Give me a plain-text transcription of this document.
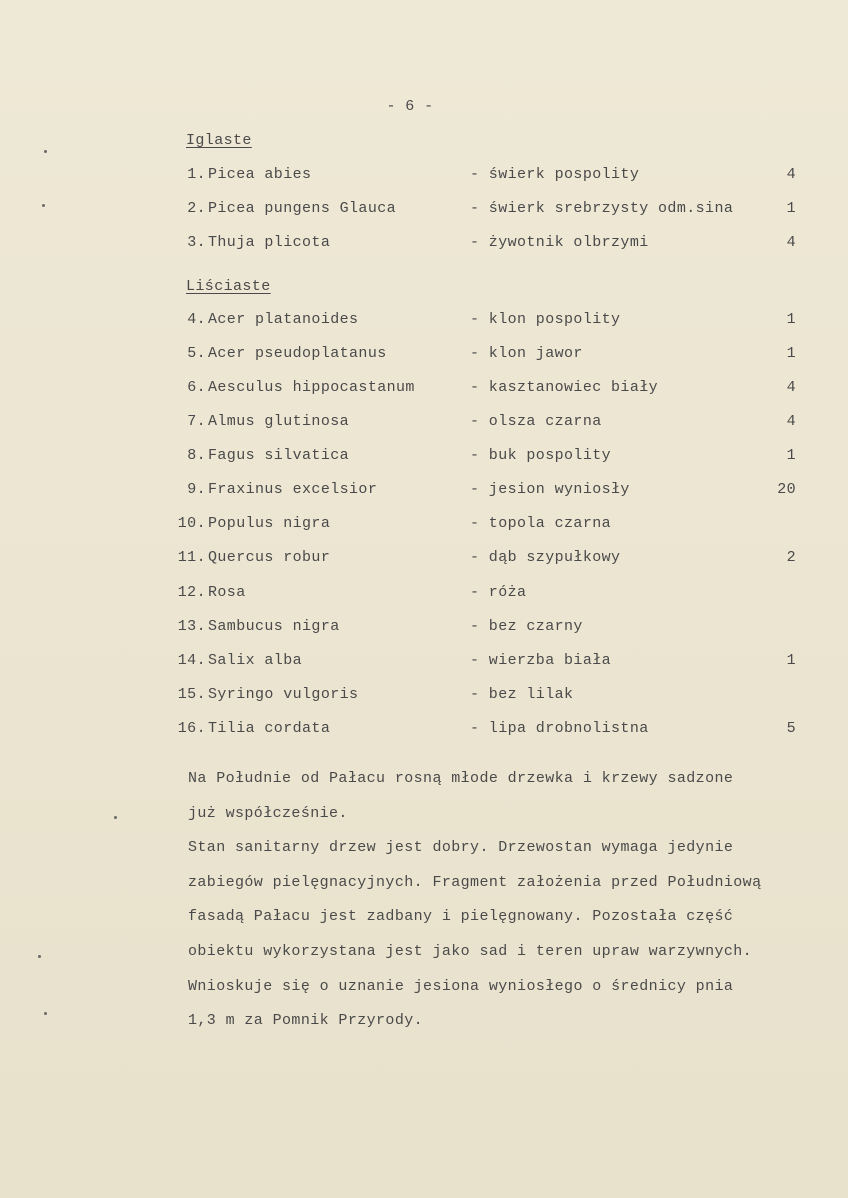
- 6 -
Iglaste
Liściaste
1. Picea abies	- świerk pospolity	4
2. Picea pungens Glauca	- świerk srebrzysty odm.sina	1
3. Thuja plicota	- żywotnik olbrzymi	4
4. Acer platanoides	- klon pospolity	1
5. Acer pseudoplatanus	- klon jawor	1
6. Aesculus hippocastanum	- kasztanowiec biały	4
7. Almus glutinosa	- olsza czarna	4
8. Fagus silvatica	- buk pospolity	1
9. Fraxinus excelsior	- jesion wyniosły	20
10. Populus nigra	- topola czarna
11. Quercus robur	- dąb szypułkowy	2
12. Rosa	- róża
13. Sambucus nigra	- bez czarny
14. Salix alba	- wierzba biała	1
15. Syringo vulgoris	- bez lilak
16. Tilia cordata	- lipa drobnolistna	5

Na Południe od Pałacu rosną młode drzewka i krzewy sadzone

już współcześnie.

Stan sanitarny drzew jest dobry. Drzewostan wymaga jedynie

zabiegów pielęgnacyjnych. Fragment założenia przed Południową

fasadą Pałacu jest zadbany i pielęgnowany. Pozostała część

obiektu wykorzystana jest jako sad i teren upraw warzywnych.

Wnioskuje się o uznanie jesiona wyniosłego o średnicy pnia

1,3 m za Pomnik Przyrody.
